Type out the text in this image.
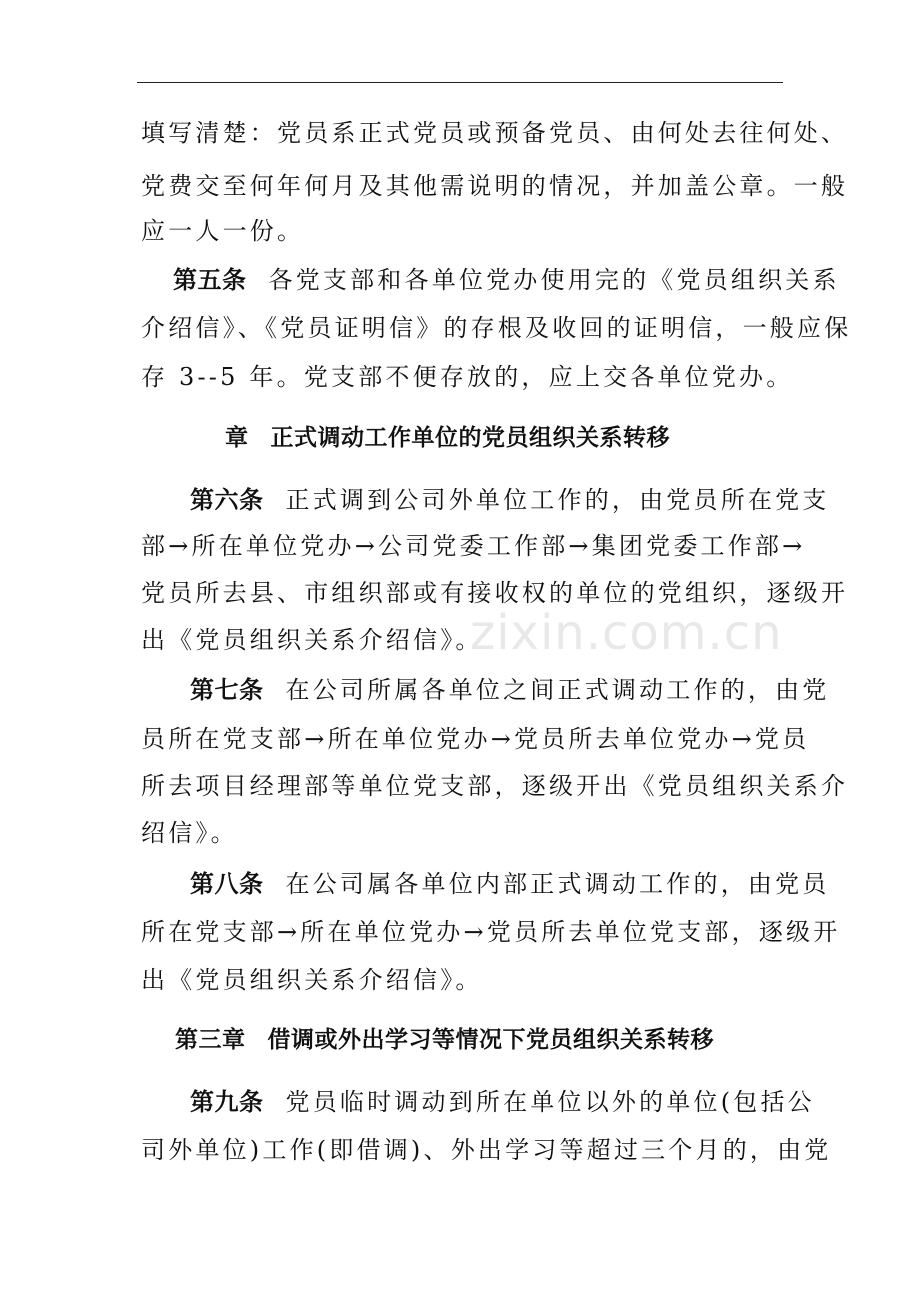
填写清楚：党员系正式党员或预备党员、由何处去往何处、
党费交至何年何月及其他需说明的情况，并加盖公章。一般
应一人一份。
第五条 各党支部和各单位党办使用完的《党员组织关系
介绍信》、《党员证明信》的存根及收回的证明信，一般应保
存 3--5 年。党支部不便存放的，应上交各单位党办。
章 正式调动工作单位的党员组织关系转移
第六条 正式调到公司外单位工作的，由党员所在党支
部→所在单位党办→公司党委工作部→集团党委工作部→
党员所去县、市组织部或有接收权的单位的党组织，逐级开
出《党员组织关系介绍信》。
zixin.com.cn
第七条 在公司所属各单位之间正式调动工作的，由党
员所在党支部→所在单位党办→党员所去单位党办→党员
所去项目经理部等单位党支部，逐级开出《党员组织关系介
绍信》。
第八条 在公司属各单位内部正式调动工作的，由党员
所在党支部→所在单位党办→党员所去单位党支部，逐级开
出《党员组织关系介绍信》。
第三章 借调或外出学习等情况下党员组织关系转移
第九条 党员临时调动到所在单位以外的单位(包括公
司外单位)工作(即借调)、外出学习等超过三个月的，由党
